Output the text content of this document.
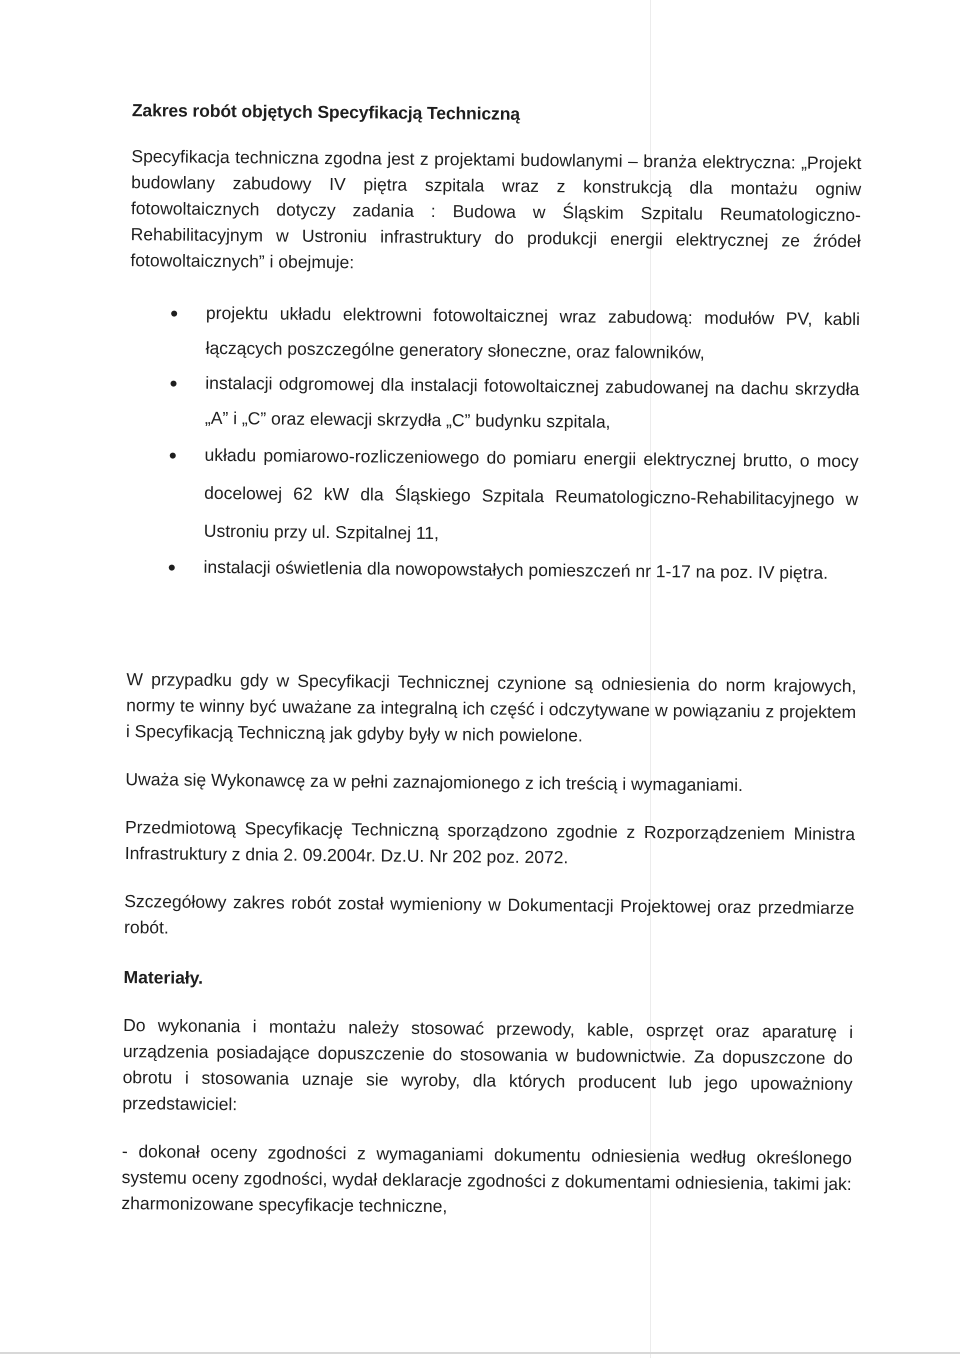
Zakres robót objętych Specyfikacją Techniczną

Specyfikacja techniczna zgodna jest z projektami budowlanymi – branża elektryczna: „Projekt budowlany zabudowy IV piętra szpitala wraz z konstrukcją dla montażu ogniw fotowoltaicznych dotyczy zadania : Budowa w Śląskim Szpitalu Reumatologiczno-Rehabilitacyjnym w Ustroniu infrastruktury do produkcji energii elektrycznej ze źródeł fotowoltaicznych” i obejmuje:

● projektu układu elektrowni fotowoltaicznej wraz zabudową: modułów PV, kabli łączących poszczególne generatory słoneczne, oraz falowników,
● instalacji odgromowej dla instalacji fotowoltaicznej zabudowanej na dachu skrzydła „A” i „C” oraz elewacji skrzydła „C” budynku szpitala,
● układu pomiarowo-rozliczeniowego do pomiaru energii elektrycznej brutto, o mocy docelowej 62 kW dla Śląskiego Szpitala Reumatologiczno-Rehabilitacyjnego w Ustroniu przy ul. Szpitalnej 11,
● instalacji oświetlenia dla nowopowstałych pomieszczeń nr 1-17 na poz. IV piętra.

W przypadku gdy w Specyfikacji Technicznej czynione są odniesienia do norm krajowych, normy te winny być uważane za integralną ich część i odczytywane w powiązaniu z projektem i Specyfikacją Techniczną jak gdyby były w nich powielone.

Uważa się Wykonawcę za w pełni zaznajomionego z ich treścią i wymaganiami.

Przedmiotową Specyfikację Techniczną sporządzono zgodnie z Rozporządzeniem Ministra Infrastruktury z dnia 2. 09.2004r. Dz.U. Nr 202 poz. 2072.

Szczegółowy zakres robót został wymieniony w Dokumentacji Projektowej oraz przedmiarze robót.

Materiały.

Do wykonania i montażu należy stosować przewody, kable, osprzęt oraz aparaturę i urządzenia posiadające dopuszczenie do stosowania w budownictwie. Za dopuszczone do obrotu i stosowania uznaje sie wyroby, dla których producent lub jego upoważniony przedstawiciel:

- dokonał oceny zgodności z wymaganiami dokumentu odniesienia według określonego systemu oceny zgodności, wydał deklaracje zgodności z dokumentami odniesienia, takimi jak: zharmonizowane specyfikacje techniczne,
